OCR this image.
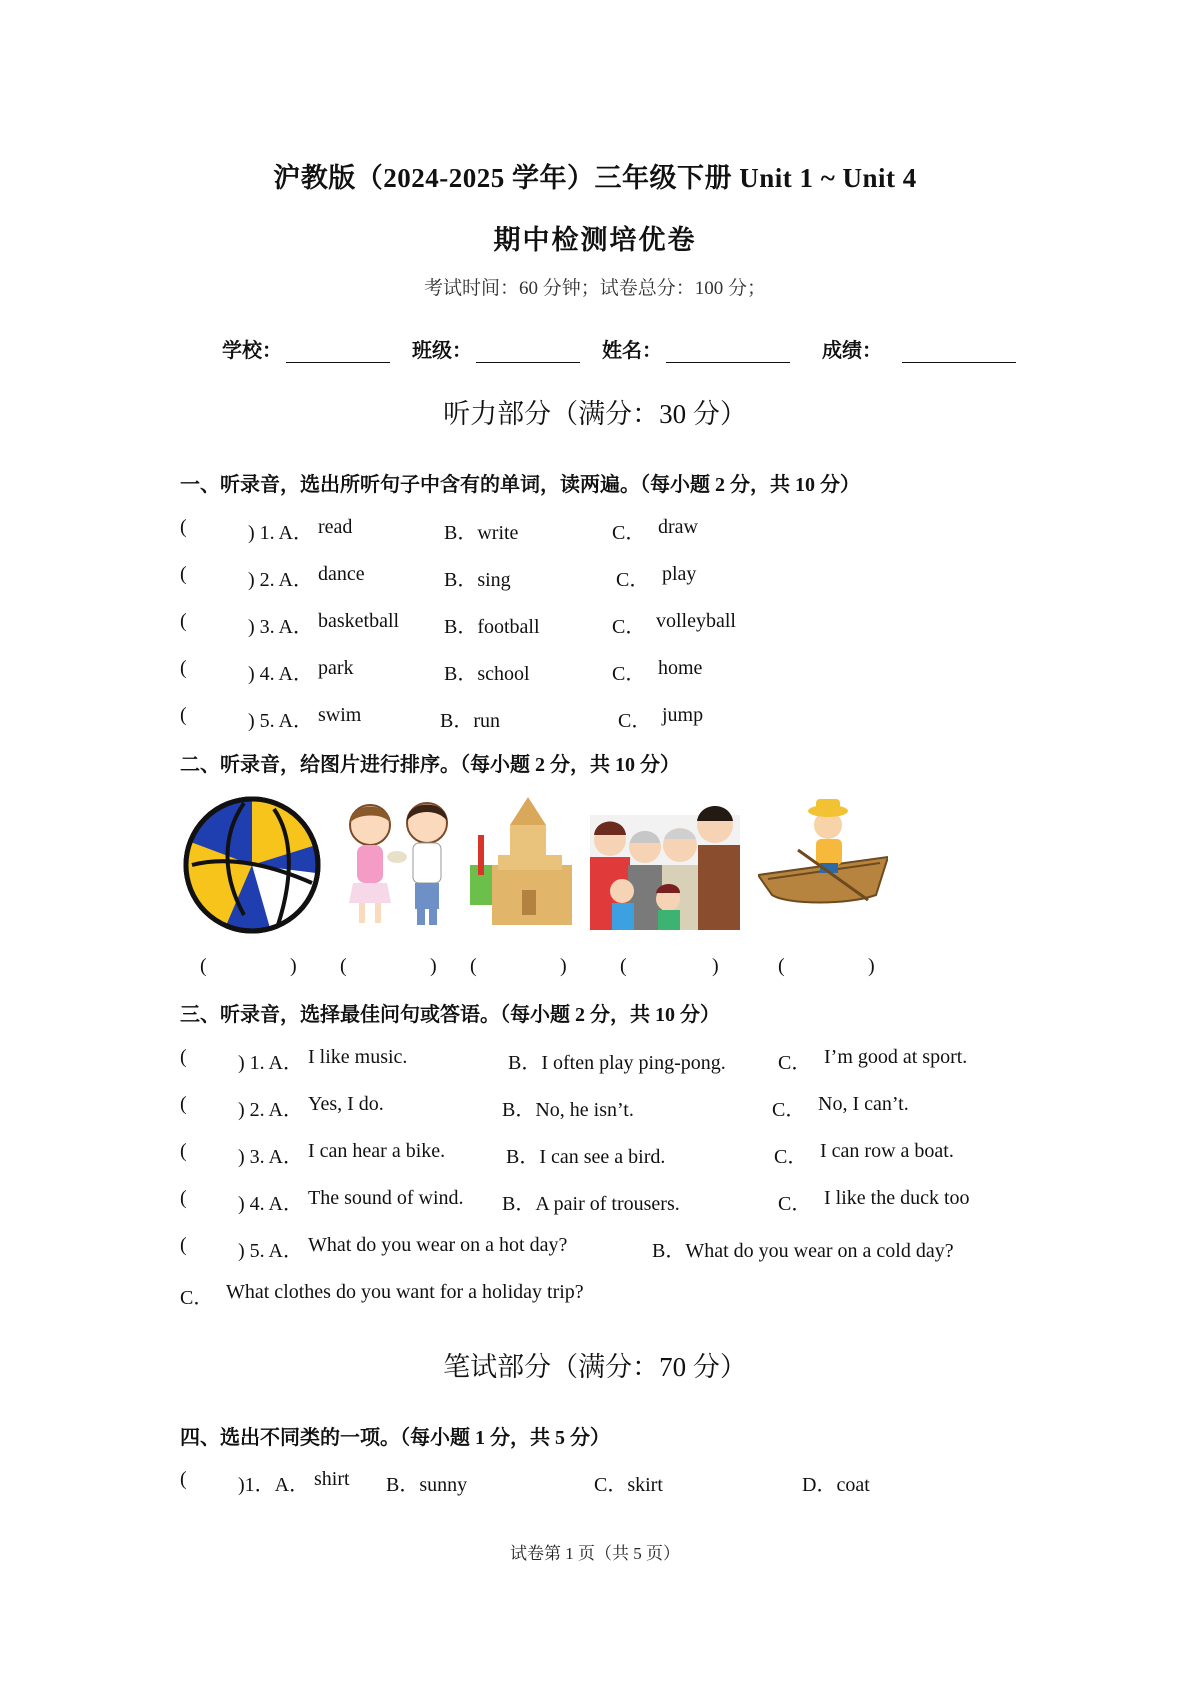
沪教版（2024-2025 学年）三年级下册 Unit 1 ~ Unit 4
期中检测培优卷
考试时间：60 分钟；试卷总分：100 分；
学校：	班级：	姓名：	成绩：
听力部分（满分：30 分）
一、听录音，选出所听句子中含有的单词，读两遍。（每小题 2 分，共 10 分）
(	) 1. A． read	B．write	C． draw
(	) 2. A． dance	B．sing	C． play
(	) 3. A． basketball B．football	C． volleyball
(	) 4. A． park	B．school	C． home
(	) 5. A． swim	B．run	C． jump
二、听录音，给图片进行排序。（每小题 2 分，共 10 分）
(	) (	) (	)	(	)	(	)
三、听录音，选择最佳问句或答语。（每小题 2 分，共 10 分）
(	) 1. A． I like music.	B．I often play ping-pong.	C． I’m good at sport.
(	) 2. A． Yes, I do.	B．No, he isn’t.	C． No, I can’t.
(	) 3. A． I can hear a bike.	B．I can see a bird.	C． I can row a boat.
(	) 4. A． The sound of wind. B．A pair of trousers.	C． I like the duck too
(	) 5. A． What do you wear on a hot day?	B．What do you wear on a cold day?
C． What clothes do you want for a holiday trip?
笔试部分（满分：70 分）
四、选出不同类的一项。（每小题 1 分，共 5 分）
(	)1．A． shirt B．sunny	C．skirt	D．coat
试卷第 1 页（共 5 页）
